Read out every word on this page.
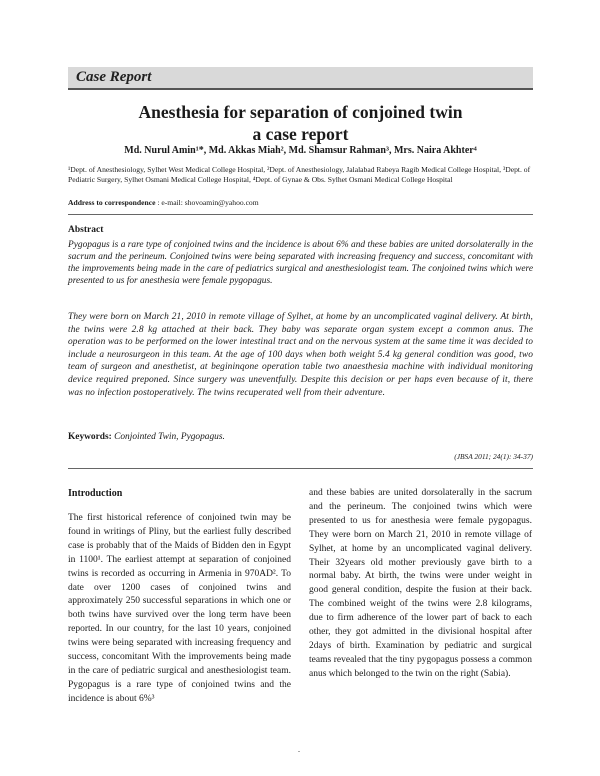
Case Report
Anesthesia for separation of conjoined twin
a case report
Md. Nurul Amin¹*, Md. Akkas Miah², Md. Shamsur Rahman³, Mrs. Naira Akhter⁴
¹Dept. of Anesthesiology, Sylhet West Medical College Hospital, ²Dept. of Anesthesiology, Jalalabad Rabeya Ragib Medical College Hospital, ³Dept. of Pediatric Surgery, Sylhet Osmani Medical College Hospital, ⁴Dept. of Gynae & Obs. Sylhet Osmani Medical College Hospital
Address to correspondence : e-mail: shovoamin@yahoo.com
Abstract
Pygopagus is a rare type of conjoined twins and the incidence is about 6% and these babies are united dorsolaterally in the sacrum and the perineum. Conjoined twins were being separated with increasing frequency and success, concomitant with the improvements being made in the care of pediatrics surgical and anesthesiologist team. The conjoined twins which were presented to us for anesthesia were female pygopagus.
They were born on March 21, 2010 in remote village of Sylhet, at home by an uncomplicated vaginal delivery. At birth, the twins were 2.8 kg attached at their back. They baby was separate organ system except a common anus. The operation was to be performed on the lower intestinal tract and on the nervous system at the same time it was decided to include a neurosurgeon in this team. At the age of 100 days when both weight 5.4 kg general condition was good, two team of surgeon and anesthetist, at begininqone operation table two anaesthesia machine with individual monitoring device required preponed. Since surgery was uneventfully. Despite this decision or per haps even because of it, there was no infection postoperatively. The twins recuperated well from their adventure.
Keywords: Conjointed Twin, Pygopagus.
(JBSA 2011; 24(1): 34-37)
Introduction
The first historical reference of conjoined twin may be found in writings of Pliny, but the earliest fully described case is probably that of the Maids of Bidden den in Egypt in 1100¹. The earliest attempt at separation of conjoined twins is recorded as occurring in Armenia in 970AD². To date over 1200 cases of conjoined twins and approximately 250 successful separations in which one or both twins have survived over the long term have been reported. In our country, for the last 10 years, conjoined twins were being separated with increasing frequency and success, concomitant With the improvements being made in the care of pediatric surgical and anesthesiologist team. Pygopagus is a rare type of conjoined twins and the incidence is about 6%³
and these babies are united dorsolaterally in the sacrum and the perineum. The conjoined twins which were presented to us for anesthesia were female pygopagus. They were born on March 21, 2010 in remote village of Sylhet, at home by an uncomplicated vaginal delivery. Their 32years old mother previously gave birth to a normal baby. At birth, the twins were under weight in good general condition, despite the fusion at their back. The combined weight of the twins were 2.8 kilograms, due to firm adherence of the lower part of back to each other, they got admitted in the divisional hospital after 2days of birth. Examination by pediatric and surgical teams revealed that the tiny pygopagus possess a common anus which belonged to the twin on the right (Sabia).
.
